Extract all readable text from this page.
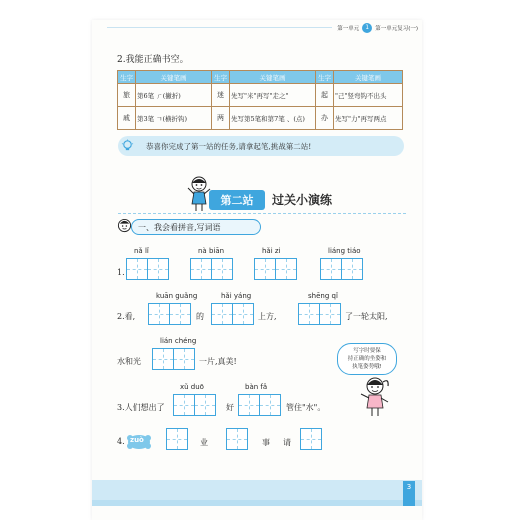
第一单元	1	第一单元复习(一)
2.我能正确书空。
生字	关键笔画	生字	关键笔画	生字	关键笔画
旅	第6笔 ㄏ(撇折)	迷	先写"米"再写"走之"	起	"己"竖弯钩不出头
戚	第3笔 ㄱ(横折钩)	两	先写第5笔和第7笔 、(点)	办	先写"力"再写两点
恭喜你完成了第一站的任务,请拿起笔,挑战第二站!
第二站	过关小演练
一、我会看拼音,写词语
1.
nǎ lǐ	nà biān	hǎi zi	liáng tiáo
kuān guǎng	hǎi yáng	shēng qǐ
2.看,	的	上方,	了一轮太阳,
lián chéng
水和光	一片,真美!
写字时要保
持正确的坐姿和
执笔姿势哦!
xǔ duō	bàn fǎ
3.人们想出了	好	管住"水"。
4. zuò	业	事 请
3
